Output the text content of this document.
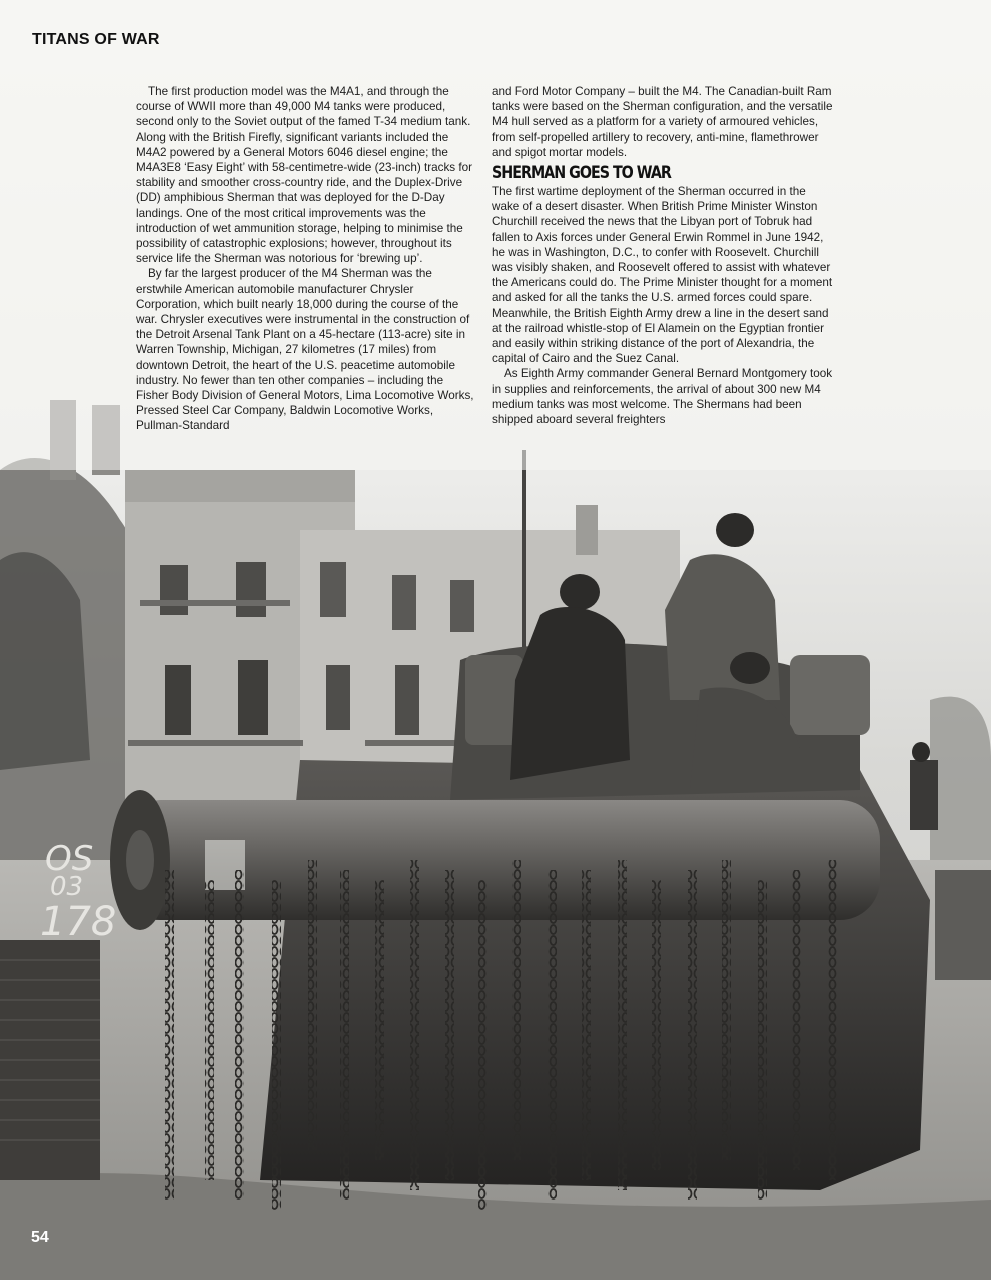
OS
03
178
TITANS OF WAR

The first production model was the M4A1, and through the course of WWII more than 49,000 M4 tanks were produced, second only to the Soviet output of the famed T-34 medium tank. Along with the British Firefly, significant variants included the M4A2 powered by a General Motors 6046 diesel engine; the M4A3E8 ‘Easy Eight’ with 58-centimetre-wide (23-inch) tracks for stability and smoother cross-country ride, and the Duplex-Drive (DD) amphibious Sherman that was deployed for the D-Day landings. One of the most critical improvements was the introduction of wet ammunition storage, helping to minimise the possibility of catastrophic explosions; however, throughout its service life the Sherman was notorious for ‘brewing up’.

By far the largest producer of the M4 Sherman was the erstwhile American automobile manufacturer Chrysler Corporation, which built nearly 18,000 during the course of the war. Chrysler executives were instrumental in the construction of the Detroit Arsenal Tank Plant on a 45-hectare (113-acre) site in Warren Township, Michigan, 27 kilometres (17 miles) from downtown Detroit, the heart of the U.S. peacetime automobile industry. No fewer than ten other companies – including the Fisher Body Division of General Motors, Lima Locomotive Works, Pressed Steel Car Company, Baldwin Locomotive Works, Pullman-Standard

and Ford Motor Company – built the M4. The Canadian-built Ram tanks were based on the Sherman configuration, and the versatile M4 hull served as a platform for a variety of armoured vehicles, from self-propelled artillery to recovery, anti-mine, flamethrower and spigot mortar models.

SHERMAN GOES TO WAR

The first wartime deployment of the Sherman occurred in the wake of a desert disaster. When British Prime Minister Winston Churchill received the news that the Libyan port of Tobruk had fallen to Axis forces under General Erwin Rommel in June 1942, he was in Washington, D.C., to confer with Roosevelt. Churchill was visibly shaken, and Roosevelt offered to assist with whatever the Americans could do. The Prime Minister thought for a moment and asked for all the tanks the U.S. armed forces could spare. Meanwhile, the British Eighth Army drew a line in the desert sand at the railroad whistle-stop of El Alamein on the Egyptian frontier and easily within striking distance of the port of Alexandria, the capital of Cairo and the Suez Canal.

As Eighth Army commander General Bernard Montgomery took in supplies and reinforcements, the arrival of about 300 new M4 medium tanks was most welcome. The Shermans had been shipped aboard several freighters

54
